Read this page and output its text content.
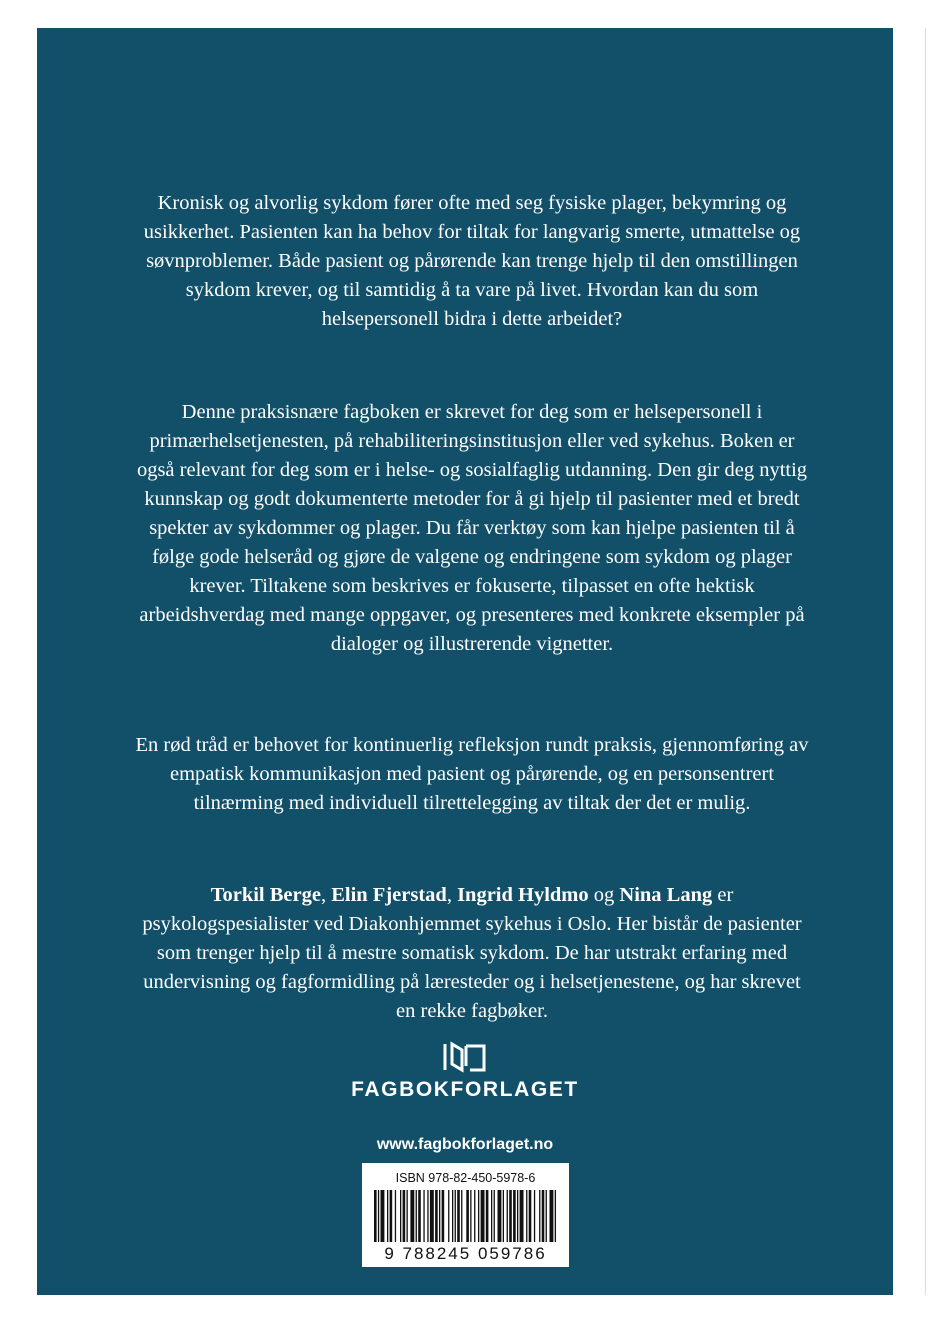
Kronisk og alvorlig sykdom fører ofte med seg fysiske plager, bekymring og usikkerhet. Pasienten kan ha behov for tiltak for langvarig smerte, utmattelse og søvnproblemer. Både pasient og pårørende kan trenge hjelp til den omstillingen sykdom krever, og til samtidig å ta vare på livet. Hvordan kan du som helsepersonell bidra i dette arbeidet?

Denne praksisnære fagboken er skrevet for deg som er helsepersonell i primærhelsetjenesten, på rehabiliteringsinstitusjon eller ved sykehus. Boken er også relevant for deg som er i helse- og sosialfaglig utdanning. Den gir deg nyttig kunnskap og godt dokumenterte metoder for å gi hjelp til pasienter med et bredt spekter av sykdommer og plager. Du får verktøy som kan hjelpe pasienten til å følge gode helseråd og gjøre de valgene og endringene som sykdom og plager krever. Tiltakene som beskrives er fokuserte, tilpasset en ofte hektisk arbeidshverdag med mange oppgaver, og presenteres med konkrete eksempler på dialoger og illustrerende vignetter.

En rød tråd er behovet for kontinuerlig refleksjon rundt praksis, gjennomføring av empatisk kommunikasjon med pasient og pårørende, og en personsentrert tilnærming med individuell tilrettelegging av tiltak der det er mulig.

Torkil Berge, Elin Fjerstad, Ingrid Hyldmo og Nina Lang er psykologspesialister ved Diakonhjemmet sykehus i Oslo. Her bistår de pasienter som trenger hjelp til å mestre somatisk sykdom. De har utstrakt erfaring med undervisning og fagformidling på læresteder og i helsetjenestene, og har skrevet en rekke fagbøker.

FAGBOKFORLAGET
www.fagbokforlaget.no
ISBN 978-82-450-5978-6
9 788245 059786
